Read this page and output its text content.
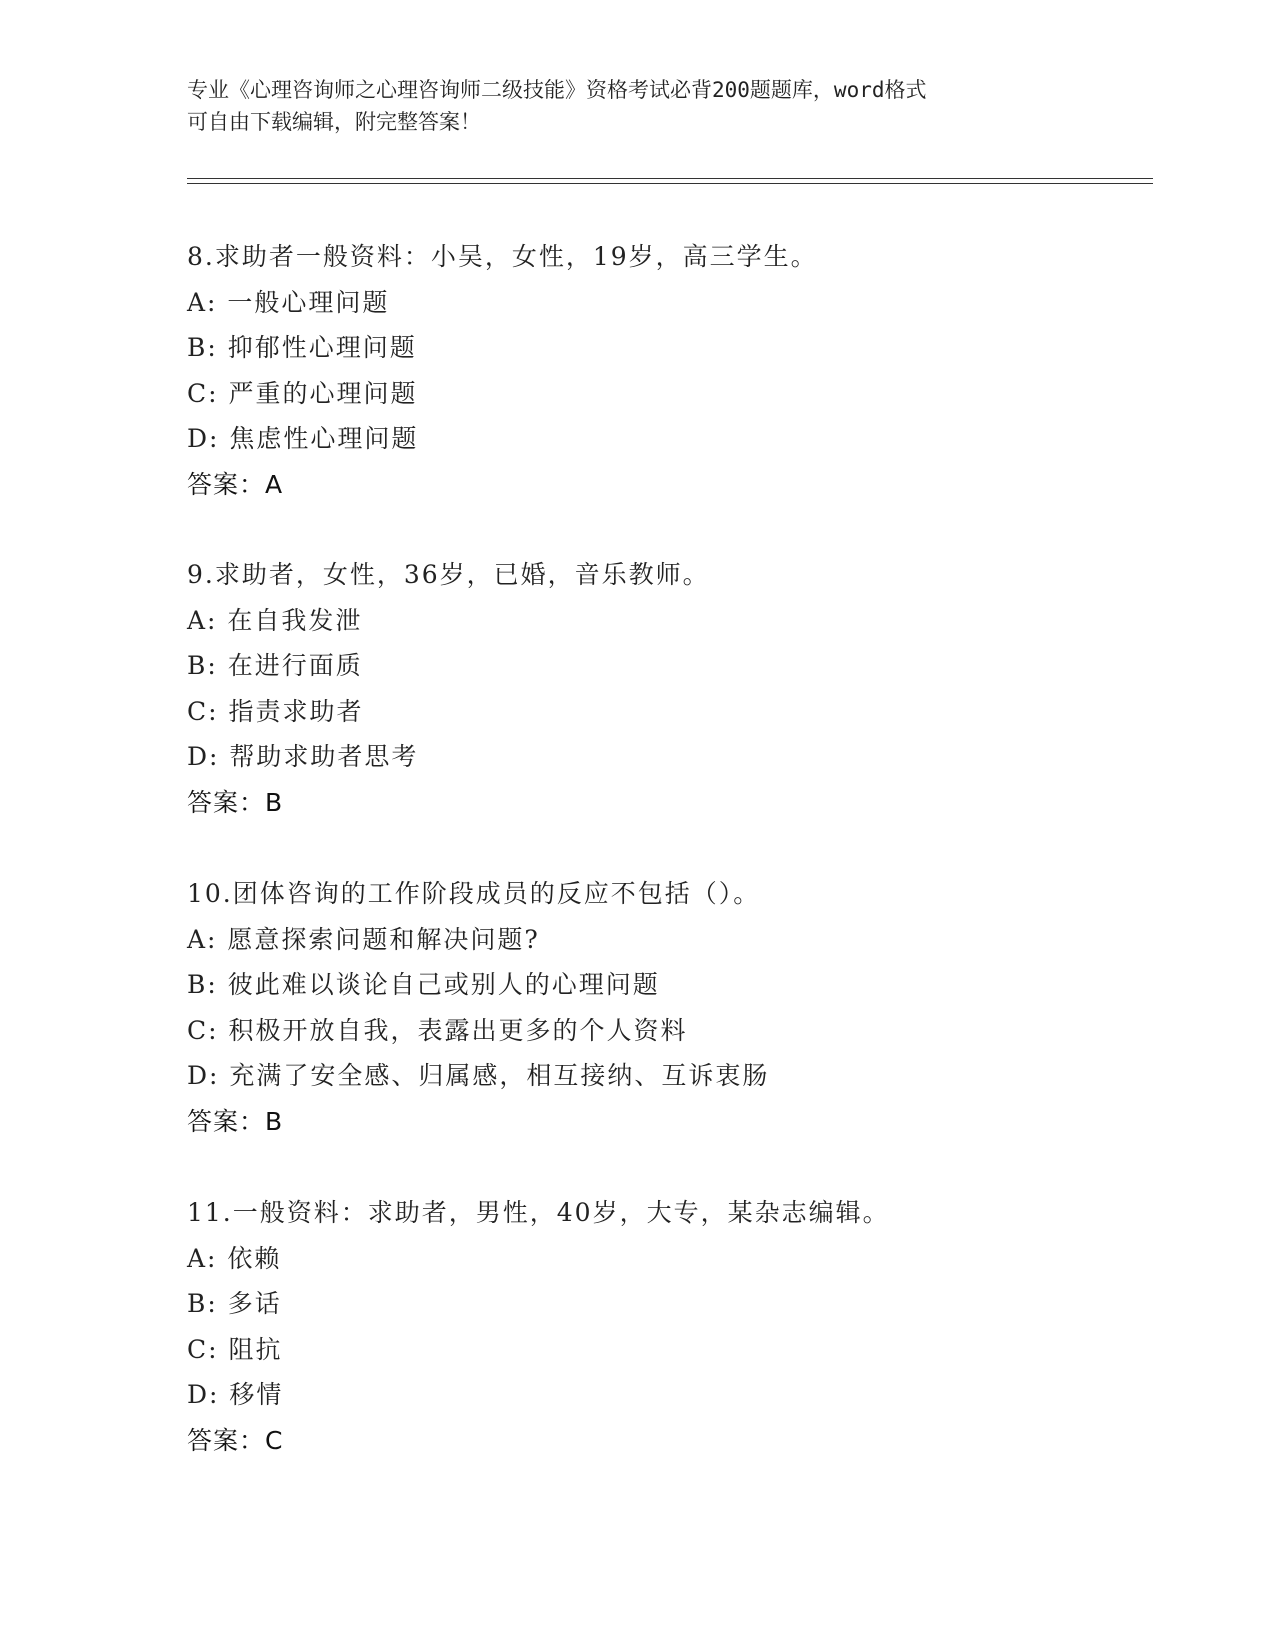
专业《心理咨询师之心理咨询师二级技能》资格考试必背200题题库，word格式
可自由下载编辑，附完整答案！
8.求助者一般资料：小吴，女性，19岁，高三学生。
A: 一般心理问题
B: 抑郁性心理问题
C: 严重的心理问题
D: 焦虑性心理问题
答案：A
9.求助者，女性，36岁，已婚，音乐教师。
A: 在自我发泄
B: 在进行面质
C: 指责求助者
D: 帮助求助者思考
答案：B
10.团体咨询的工作阶段成员的反应不包括（）。
A: 愿意探索问题和解决问题?
B: 彼此难以谈论自己或别人的心理问题
C: 积极开放自我，表露出更多的个人资料
D: 充满了安全感、归属感，相互接纳、互诉衷肠
答案：B
11.一般资料：求助者，男性，40岁，大专，某杂志编辑。
A: 依赖
B: 多话
C: 阻抗
D: 移情
答案：C
